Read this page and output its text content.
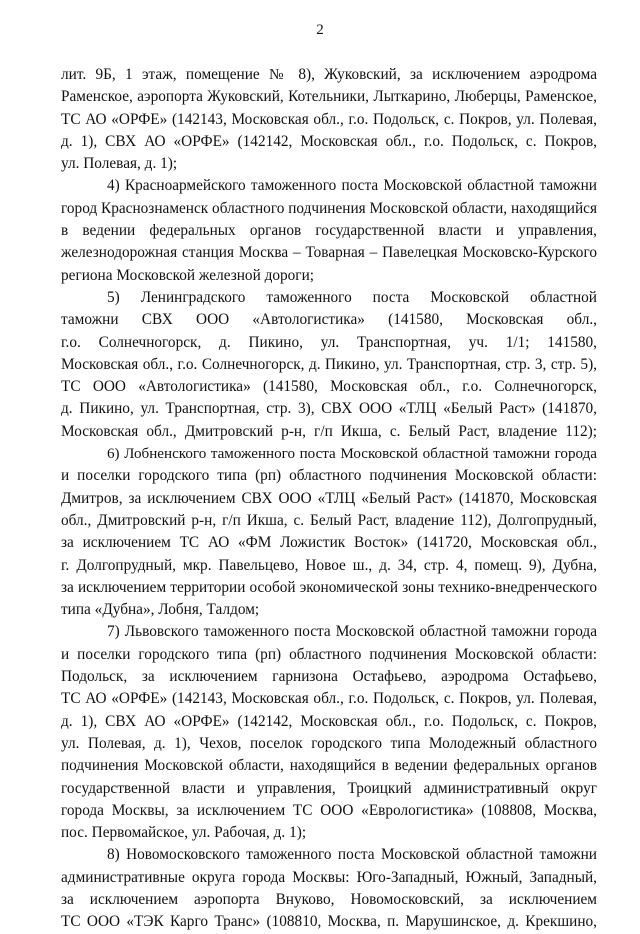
2
лит. 9Б, 1 этаж, помещение № 8), Жуковский, за исключением аэродрома
Раменское, аэропорта Жуковский, Котельники, Лыткарино, Люберцы, Раменское,
ТС АО «ОРФЕ» (142143, Московская обл., г.о. Подольск, с. Покров, ул. Полевая,
д. 1), СВХ АО «ОРФЕ» (142142, Московская обл., г.о. Подольск, с. Покров,
ул. Полевая, д. 1);
4) Красноармейского таможенного поста Московской областной таможни
город Краснознаменск областного подчинения Московской области, находящийся
в ведении федеральных органов государственной власти и управления,
железнодорожная станция Москва – Товарная – Павелецкая Московско-Курского
региона Московской железной дороги;
5) Ленинградского таможенного поста Московской областной
таможни СВХ ООО «Автологистика» (141580, Московская обл.,
г.о. Солнечногорск, д. Пикино, ул. Транспортная, уч. 1/1; 141580,
Московская обл., г.о. Солнечногорск, д. Пикино, ул. Транспортная, стр. 3, стр. 5),
ТС ООО «Автологистика» (141580, Московская обл., г.о. Солнечногорск,
д. Пикино, ул. Транспортная, стр. 3), СВХ ООО «ТЛЦ «Белый Раст» (141870,
Московская обл., Дмитровский р-н, г/п Икша, с. Белый Раст, владение 112);
6) Лобненского таможенного поста Московской областной таможни города
и поселки городского типа (рп) областного подчинения Московской области:
Дмитров, за исключением СВХ ООО «ТЛЦ «Белый Раст» (141870, Московская
обл., Дмитровский р-н, г/п Икша, с. Белый Раст, владение 112), Долгопрудный,
за исключением ТС АО «ФМ Ложистик Восток» (141720, Московская обл.,
г. Долгопрудный, мкр. Павельцево, Новое ш., д. 34, стр. 4, помещ. 9), Дубна,
за исключением территории особой экономической зоны технико-внедренческого
типа «Дубна», Лобня, Талдом;
7) Львовского таможенного поста Московской областной таможни города
и поселки городского типа (рп) областного подчинения Московской области:
Подольск, за исключением гарнизона Остафьево, аэродрома Остафьево,
ТС АО «ОРФЕ» (142143, Московская обл., г.о. Подольск, с. Покров, ул. Полевая,
д. 1), СВХ АО «ОРФЕ» (142142, Московская обл., г.о. Подольск, с. Покров,
ул. Полевая, д. 1), Чехов, поселок городского типа Молодежный областного
подчинения Московской области, находящийся в ведении федеральных органов
государственной власти и управления, Троицкий административный округ
города Москвы, за исключением ТС ООО «Еврологистика» (108808, Москва,
пос. Первомайское, ул. Рабочая, д. 1);
8) Новомосковского таможенного поста Московской областной таможни
административные округа города Москвы: Юго-Западный, Южный, Западный,
за исключением аэропорта Внуково, Новомосковский, за исключением
ТС ООО «ТЭК Карго Транс» (108810, Москва, п. Марушинское, д. Крекшино,
